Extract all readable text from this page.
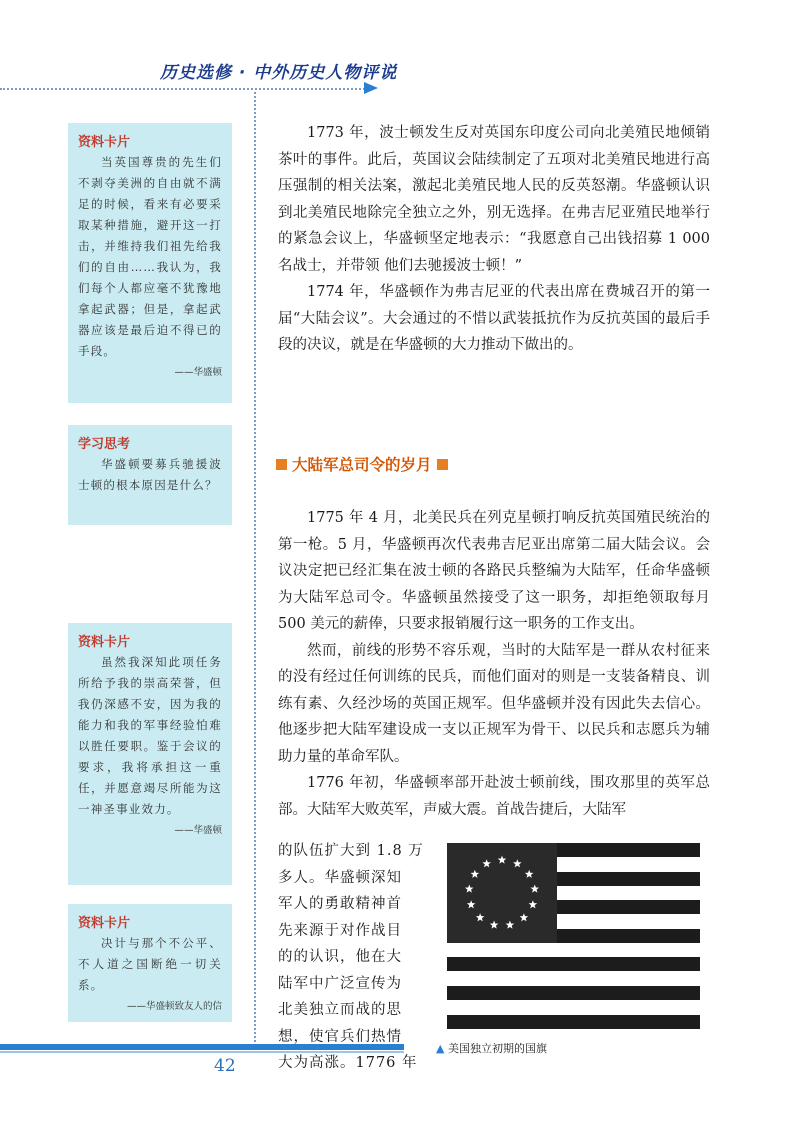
历史选修 · 中外历史人物评说
资料卡片
当英国尊贵的先生们不剥夺美洲的自由就不满足的时候，看来有必要采取某种措施，避开这一打击，并维持我们祖先给我们的自由……我认为，我们每个人都应毫不犹豫地拿起武器；但是，拿起武器应该是最后迫不得已的手段。
——华盛顿
学习思考
华盛顿要募兵驰援波士顿的根本原因是什么？
资料卡片
虽然我深知此项任务所给予我的崇高荣誉，但我仍深感不安，因为我的能力和我的军事经验怕难以胜任要职。鉴于会议的要求，我将承担这一重任，并愿意竭尽所能为这一神圣事业效力。
——华盛顿
资料卡片
决计与那个不公平、不人道之国断绝一切关系。
——华盛顿致友人的信

1773 年，波士顿发生反对英国东印度公司向北美殖民地倾销茶叶的事件。此后，英国议会陆续制定了五项对北美殖民地进行高压强制的相关法案，激起北美殖民地人民的反英怒潮。华盛顿认识到北美殖民地除完全独立之外，别无选择。在弗吉尼亚殖民地举行的紧急会议上，华盛顿坚定地表示：“我愿意自己出钱招募 1 000 名战士，并带领 他们去驰援波士顿！”

1774 年，华盛顿作为弗吉尼亚的代表出席在费城召开的第一届“大陆会议”。大会通过的不惜以武装抵抗作为反抗英国的最后手段的决议，就是在华盛顿的大力推动下做出的。

大陆军总司令的岁月

1775 年 4 月，北美民兵在列克星顿打响反抗英国殖民统治的第一枪。5 月，华盛顿再次代表弗吉尼亚出席第二届大陆会议。会议决定把已经汇集在波士顿的各路民兵整编为大陆军，任命华盛顿为大陆军总司令。华盛顿虽然接受了这一职务，却拒绝领取每月 500 美元的薪俸，只要求报销履行这一职务的工作支出。

然而，前线的形势不容乐观，当时的大陆军是一群从农村征来的没有经过任何训练的民兵，而他们面对的则是一支装备精良、训练有素、久经沙场的英国正规军。但华盛顿并没有因此失去信心。他逐步把大陆军建设成一支以正规军为骨干、以民兵和志愿兵为辅助力量的革命军队。

1776 年初，华盛顿率部开赴波士顿前线，围攻那里的英军总部。大陆军大败英军，声威大震。首战告捷后，大陆军

的队伍扩大到 1.8 万

多人。华盛顿深知

军人的勇敢精神首

先来源于对作战目

的的认识，他在大

陆军中广泛宣传为

北美独立而战的思

想，使官兵们热情

大为高涨。1776 年

▲ 美国独立初期的国旗
42
